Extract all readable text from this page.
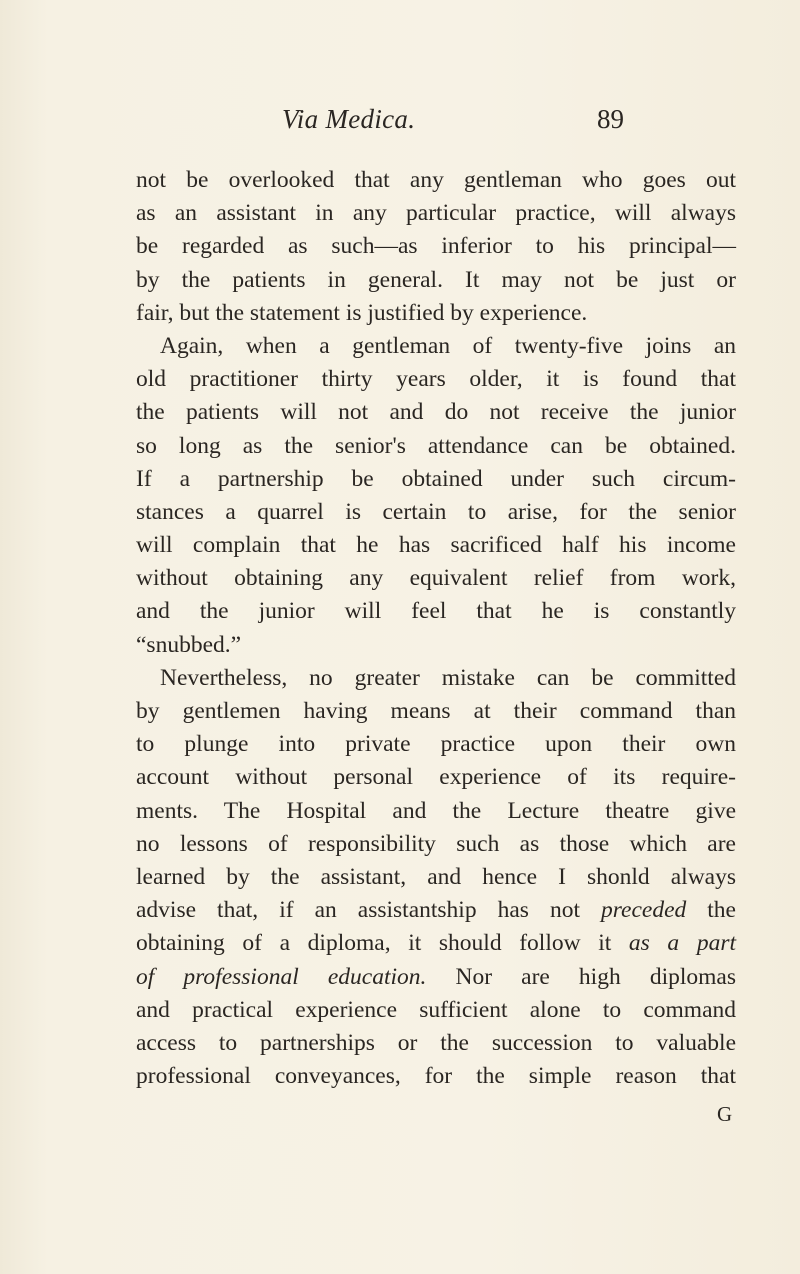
Via Medica.	89
not be overlooked that any gentleman who goes out
as an assistant in any particular practice, will always
be regarded as such—as inferior to his principal—
by the patients in general. It may not be just or
fair, but the statement is justified by experience.
Again, when a gentleman of twenty-five joins an
old practitioner thirty years older, it is found that
the patients will not and do not receive the junior
so long as the senior's attendance can be obtained.
If a partnership be obtained under such circum-
stances a quarrel is certain to arise, for the senior
will complain that he has sacrificed half his income
without obtaining any equivalent relief from work,
and the junior will feel that he is constantly
“snubbed.”
Nevertheless, no greater mistake can be committed
by gentlemen having means at their command than
to plunge into private practice upon their own
account without personal experience of its require-
ments. The Hospital and the Lecture theatre give
no lessons of responsibility such as those which are
learned by the assistant, and hence I shonld always
advise that, if an assistantship has not preceded the
obtaining of a diploma, it should follow it as a part
of professional education. Nor are high diplomas
and practical experience sufficient alone to command
access to partnerships or the succession to valuable
professional conveyances, for the simple reason that
G
